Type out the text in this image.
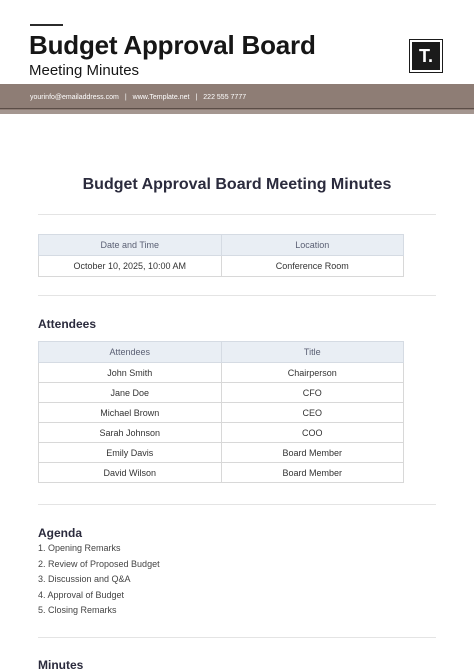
Budget Approval Board

Meeting Minutes

T.
yourinfo@emailaddress.com | www.Template.net | 222 555 7777
Budget Approval Board Meeting Minutes
Date and Time	Location
October 10, 2025, 10:00 AM	Conference Room
Attendees
Attendees	Title
John Smith	Chairperson
Jane Doe	CFO
Michael Brown	CEO
Sarah Johnson	COO
Emily Davis	Board Member
David Wilson	Board Member
Agenda
1. Opening Remarks
2. Review of Proposed Budget
3. Discussion and Q&A
4. Approval of Budget
5. Closing Remarks
Minutes
